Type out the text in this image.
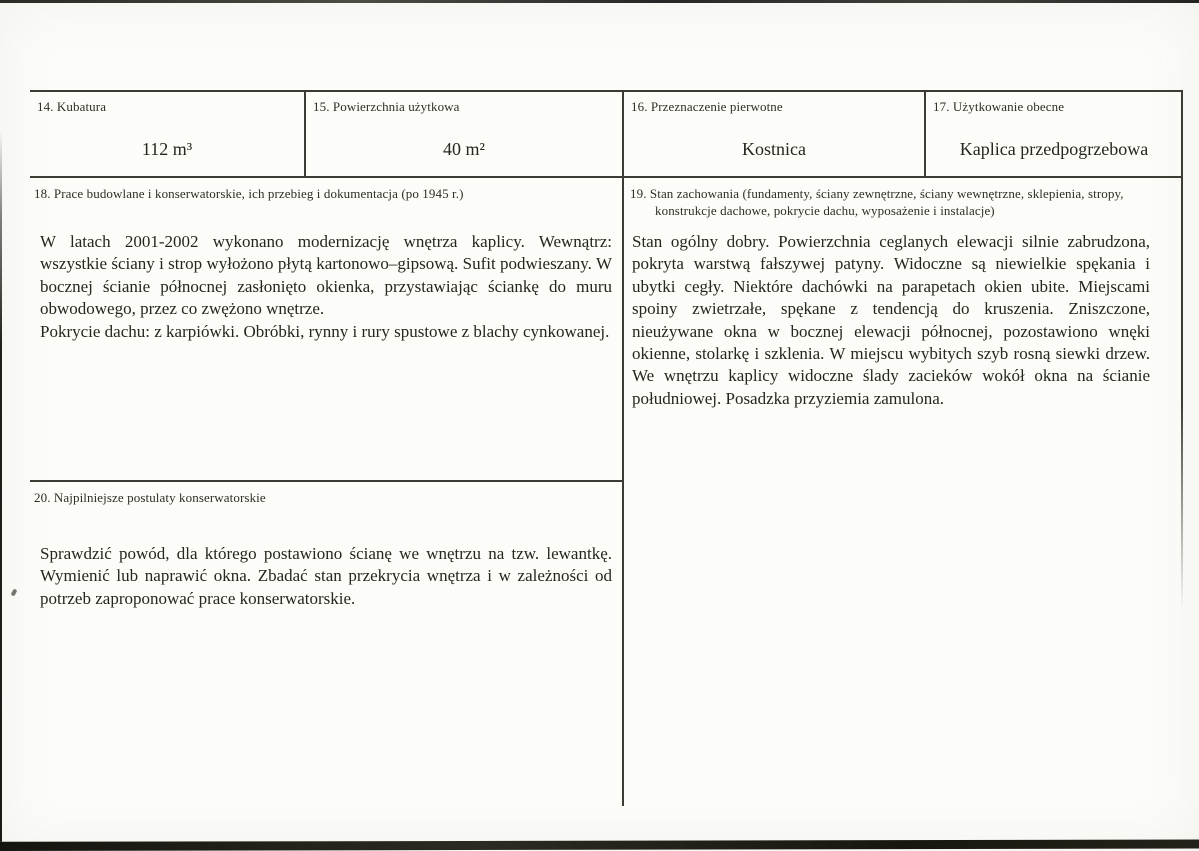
14. Kubatura
112 m³
15. Powierzchnia użytkowa
40 m²
16. Przeznaczenie pierwotne
Kostnica
17. Użytkowanie obecne
Kaplica przedpogrzebowa
18. Prace budowlane i konserwatorskie, ich przebieg i dokumentacja (po 1945 r.)

W latach 2001-2002 wykonano modernizację wnętrza kaplicy. Wewnątrz: wszystkie ściany i strop wyłożono płytą kartonowo–gipsową. Sufit podwieszany. W bocznej ścianie północnej zasłonięto okienka, przystawiając ściankę do muru obwodowego, przez co zwężono wnętrze.

Pokrycie dachu: z karpiówki. Obróbki, rynny i rury spustowe z blachy cynkowanej.

19. Stan zachowania (fundamenty, ściany zewnętrzne, ściany wewnętrzne, sklepienia, stropy, konstrukcje dachowe, pokrycie dachu, wyposażenie i instalacje)

Stan ogólny dobry. Powierzchnia ceglanych elewacji silnie zabrudzona, pokryta warstwą fałszywej patyny. Widoczne są niewielkie spękania i ubytki cegły. Niektóre dachówki na parapetach okien ubite. Miejscami spoiny zwietrzałe, spękane z tendencją do kruszenia. Zniszczone, nieużywane okna w bocznej elewacji północnej, pozostawiono wnęki okienne, stolarkę i szklenia. W miejscu wybitych szyb rosną siewki drzew. We wnętrzu kaplicy widoczne ślady zacieków wokół okna na ścianie południowej. Posadzka przyziemia zamulona.

20. Najpilniejsze postulaty konserwatorskie

Sprawdzić powód, dla którego postawiono ścianę we wnętrzu na tzw. lewantkę. Wymienić lub naprawić okna. Zbadać stan przekrycia wnętrza i w zależności od potrzeb zaproponować prace konserwatorskie.
